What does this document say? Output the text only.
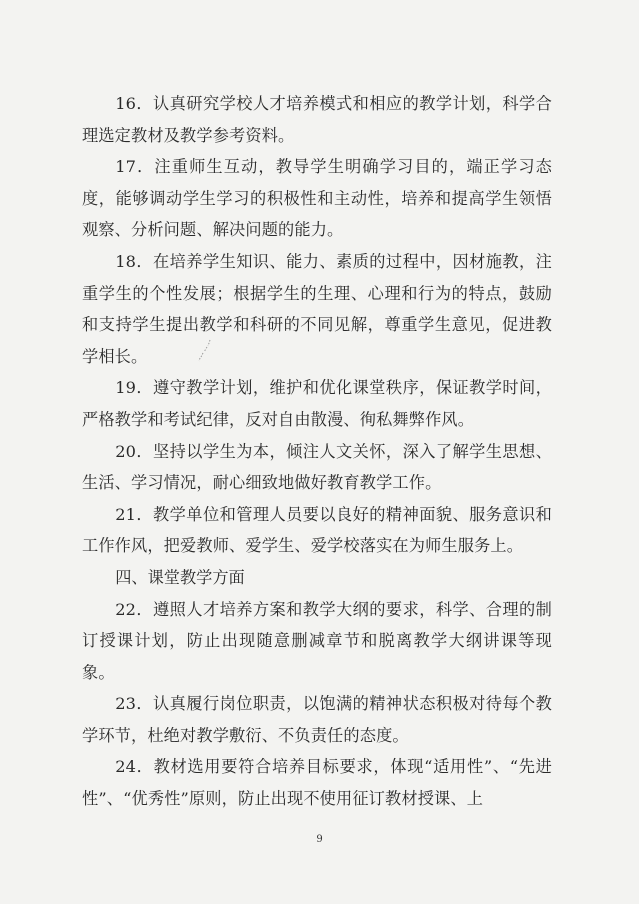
16．认真研究学校人才培养模式和相应的教学计划，科学合理选定教材及教学参考资料。

17．注重师生互动，教导学生明确学习目的，端正学习态度，能够调动学生学习的积极性和主动性，培养和提高学生领悟观察、分析问题、解决问题的能力。

18．在培养学生知识、能力、素质的过程中，因材施教，注重学生的个性发展；根据学生的生理、心理和行为的特点，鼓励和支持学生提出教学和科研的不同见解，尊重学生意见，促进教学相长。

19．遵守教学计划，维护和优化课堂秩序，保证教学时间，严格教学和考试纪律，反对自由散漫、徇私舞弊作风。

20．坚持以学生为本，倾注人文关怀，深入了解学生思想、生活、学习情况，耐心细致地做好教育教学工作。

21．教学单位和管理人员要以良好的精神面貌、服务意识和工作作风，把爱教师、爱学生、爱学校落实在为师生服务上。

四、课堂教学方面

22．遵照人才培养方案和教学大纲的要求，科学、合理的制订授课计划，防止出现随意删减章节和脱离教学大纲讲课等现象。

23．认真履行岗位职责，以饱满的精神状态积极对待每个教学环节，杜绝对教学敷衍、不负责任的态度。

24．教材选用要符合培养目标要求，体现“适用性”、“先进性”、“优秀性”原则，防止出现不使用征订教材授课、上

9
